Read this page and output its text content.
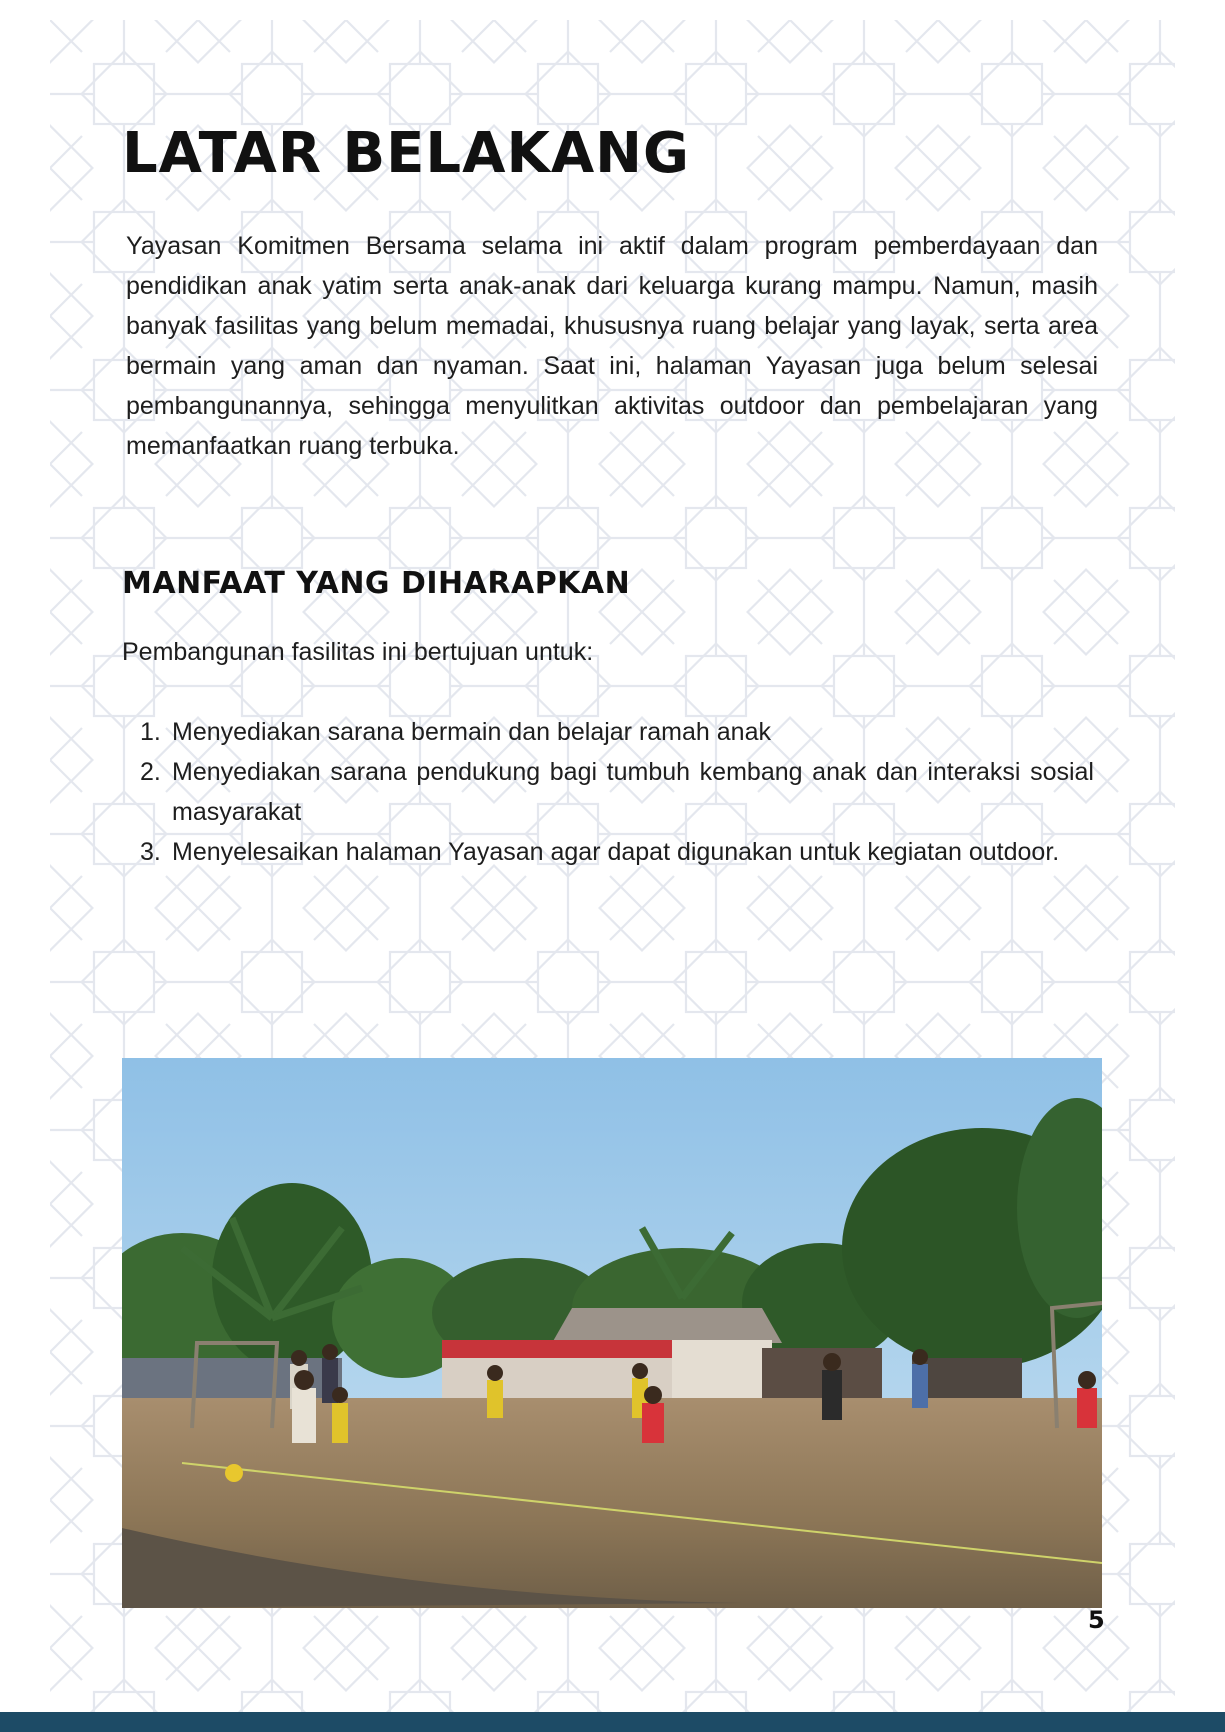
LATAR BELAKANG

Yayasan Komitmen Bersama selama ini aktif dalam program pemberdayaan dan pendidikan anak yatim serta anak-anak dari keluarga kurang mampu. Namun, masih banyak fasilitas yang belum memadai, khususnya ruang belajar yang layak, serta area bermain yang aman dan nyaman. Saat ini, halaman Yayasan juga belum selesai pembangunannya, sehingga menyulitkan aktivitas outdoor dan pembelajaran yang memanfaatkan ruang terbuka.

MANFAAT YANG DIHARAPKAN

Pembangunan fasilitas ini bertujuan untuk:

1. Menyediakan sarana bermain dan belajar ramah anak
2. Menyediakan sarana pendukung bagi tumbuh kembang anak dan interaksi sosial masyarakat
3. Menyelesaikan halaman Yayasan agar dapat digunakan untuk kegiatan outdoor.

5
